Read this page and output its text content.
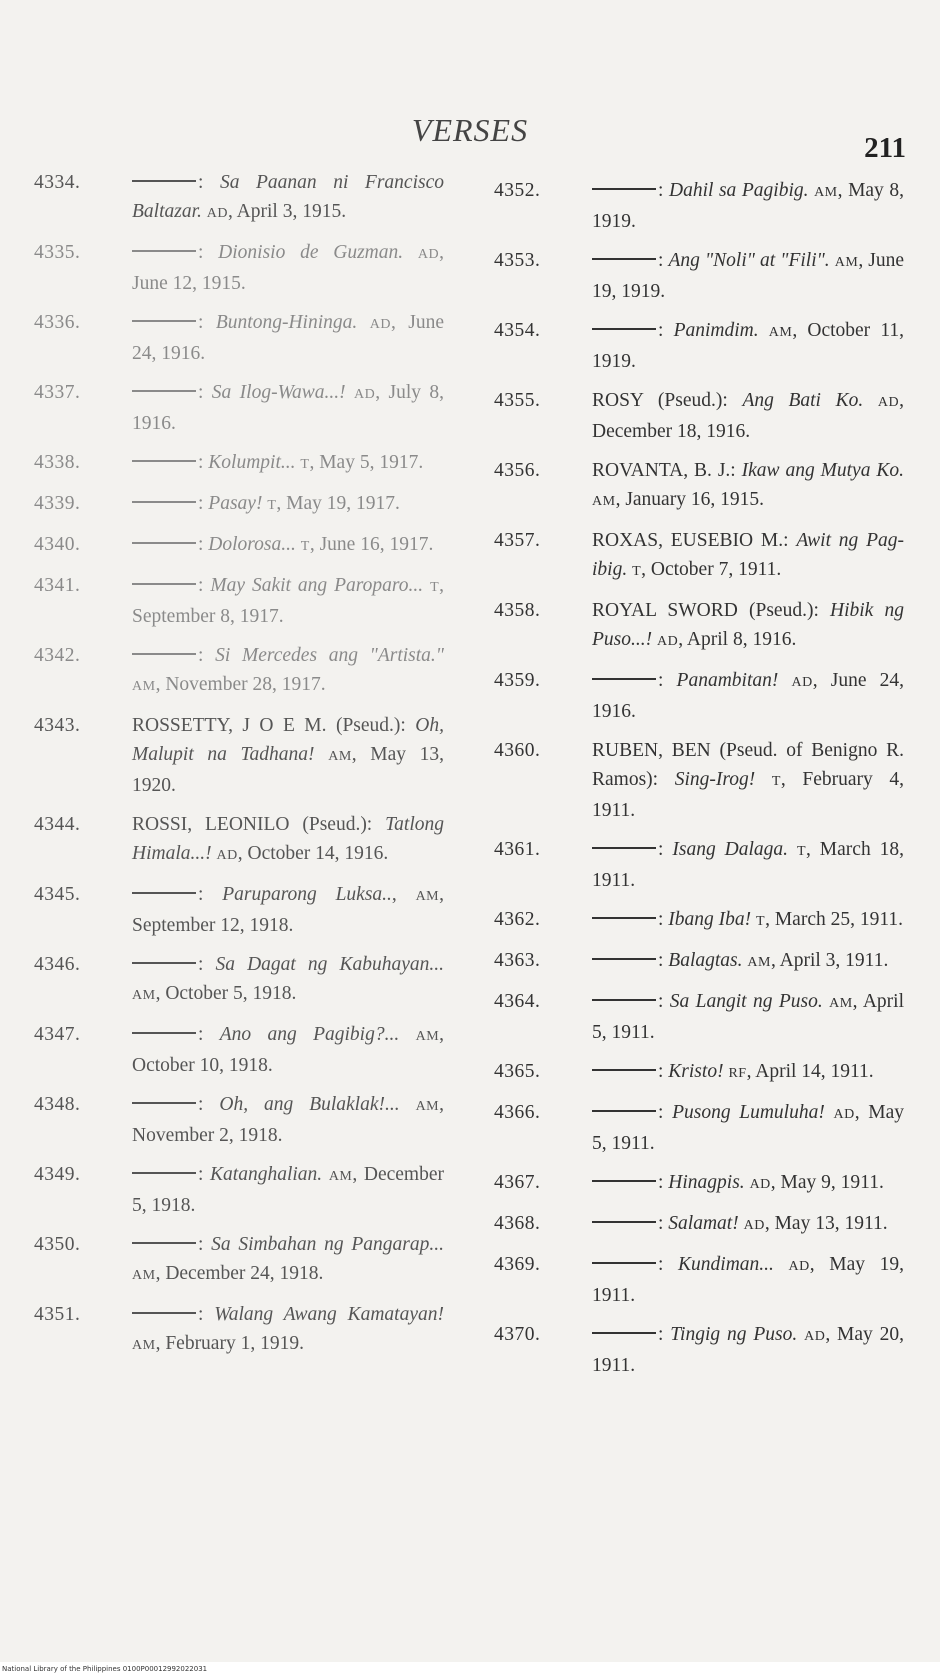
VERSES	211
4334.	: Sa Paanan ni Francisco Baltazar. AD, April 3, 1915.
4335.	: Dionisio de Guzman. AD, June 12, 1915.
4336.	: Buntong-Hininga. AD, June 24, 1916.
4337.	: Sa Ilog-Wawa...! AD, July 8, 1916.
4338.	: Kolumpit... T, May 5, 1917.
4339.	: Pasay! T, May 19, 1917.
4340.	: Dolorosa... T, June 16, 1917.
4341.	: May Sakit ang Paroparo... T, September 8, 1917.
4342.	: Si Mercedes ang "Artista." AM, November 28, 1917.
4343.	ROSSETTY, J O E M. (Pseud.): Oh, Malupit na Tadhana! AM, May 13, 1920.
4344.	ROSSI, LEONILO (Pseud.): Tatlong Himala...! AD, October 14, 1916.
4345.	: Paruparong Luksa.., AM, September 12, 1918.
4346.	: Sa Dagat ng Kabuhayan... AM, October 5, 1918.
4347.	: Ano ang Pagibig?... AM, October 10, 1918.
4348.	: Oh, ang Bulaklak!... AM, November 2, 1918.
4349.	: Katanghalian. AM, December 5, 1918.
4350.	: Sa Simbahan ng Pangarap... AM, December 24, 1918.
4351.	: Walang Awang Kamatayan! AM, February 1, 1919.
4352.	: Dahil sa Pagibig. AM, May 8, 1919.
4353.	: Ang "Noli" at "Fili". AM, June 19, 1919.
4354.	: Panimdim. AM, October 11, 1919.
4355.	ROSY (Pseud.): Ang Bati Ko. AD, December 18, 1916.
4356.	ROVANTA, B. J.: Ikaw ang Mutya Ko. AM, January 16, 1915.
4357.	ROXAS, EUSEBIO M.: Awit ng Pag-ibig. T, October 7, 1911.
4358.	ROYAL SWORD (Pseud.): Hibik ng Puso...! AD, April 8, 1916.
4359.	: Panambitan! AD, June 24, 1916.
4360.	RUBEN, BEN (Pseud. of Benigno R. Ramos): Sing-Irog! T, February 4, 1911.
4361.	: Isang Dalaga. T, March 18, 1911.
4362.	: Ibang Iba! T, March 25, 1911.
4363.	: Balagtas. AM, April 3, 1911.
4364.	: Sa Langit ng Puso. AM, April 5, 1911.
4365.	: Kristo! RF, April 14, 1911.
4366.	: Pusong Lumuluha! AD, May 5, 1911.
4367.	: Hinagpis. AD, May 9, 1911.
4368.	: Salamat! AD, May 13, 1911.
4369.	: Kundiman... AD, May 19, 1911.
4370.	: Tingig ng Puso. AD, May 20, 1911.
National Library of the Philippines 0100P00012992022031
